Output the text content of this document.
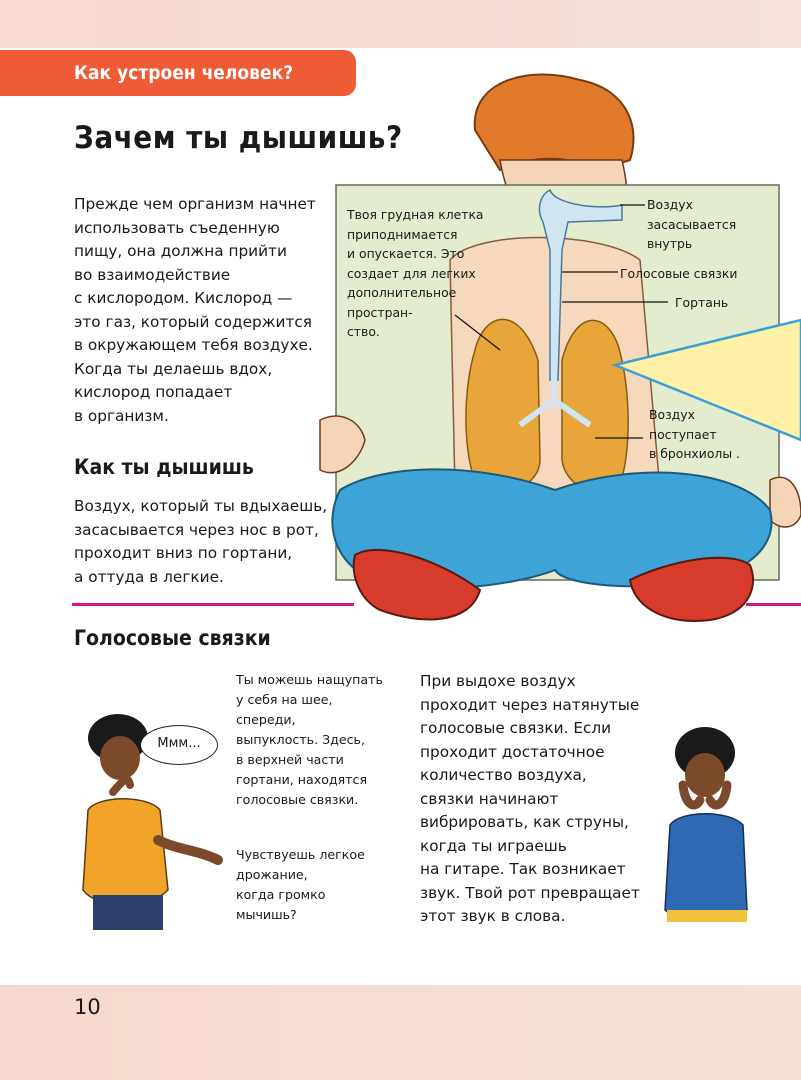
Как устроен человек?
Зачем ты дышишь?

Прежде чем организм начнет
использовать съеденную
пищу, она должна прийти
во взаимодействие
с кислородом. Кислород —
это газ, который содержится
в окружающем тебя воздухе.
Когда ты делаешь вдох,
кислород попадает
в организм.

Как ты дышишь

Воздух, который ты вдыхаешь,
засасывается через нос в рот,
проходит вниз по гортани,
а оттуда в легкие.

Твоя грудная клетка
приподнимается
и опускается. Это
создает для легких
дополнительное
простран-
ство.
Воздух
засасывается
внутрь
Голосовые связки
Гортань
Воздух
поступает
в бронхиолы .
Голосовые связки
Ммм...

Ты можешь нащупать
у себя на шее,
спереди,
выпуклость. Здесь,
в верхней части
гортани, находятся
голосовые связки.

Чувствуешь легкое
дрожание,
когда громко
мычишь?

При выдохе воздух
проходит через натянутые
голосовые связки. Если
проходит достаточное
количество воздуха,
связки начинают
вибрировать, как струны,
когда ты играешь
на гитаре. Так возникает
звук. Твой рот превращает
этот звук в слова.

10
